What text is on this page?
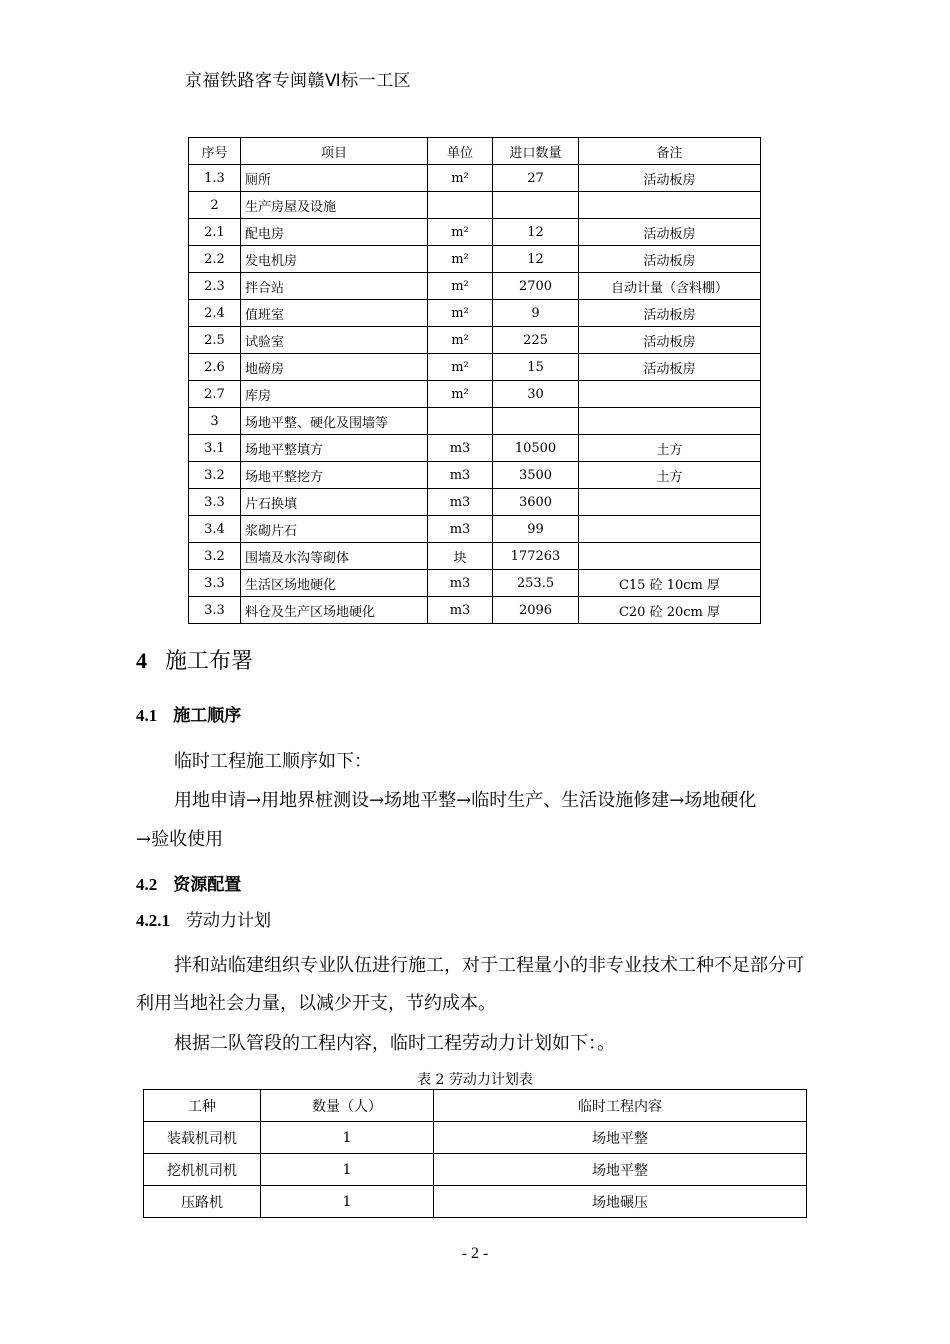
京福铁路客专闽赣Ⅵ标一工区
序号	项目	单位	进口数量	备注
1.3	厕所	m²	27	活动板房
2	生产房屋及设施			
2.1	配电房	m²	12	活动板房
2.2	发电机房	m²	12	活动板房
2.3	拌合站	m²	2700	自动计量（含料棚）
2.4	值班室	m²	9	活动板房
2.5	试验室	m²	225	活动板房
2.6	地磅房	m²	15	活动板房
2.7	库房	m²	30	
3	场地平整、硬化及围墙等			
3.1	场地平整填方	m3	10500	土方
3.2	场地平整挖方	m3	3500	土方
3.3	片石换填	m3	3600	
3.4	浆砌片石	m3	99	
3.2	围墙及水沟等砌体	块	177263	
3.3	生活区场地硬化	m3	253.5	C15 砼 10cm 厚
3.3	料仓及生产区场地硬化	m3	2096	C20 砼 20cm 厚
4 施工布署
4.1 施工顺序
临时工程施工顺序如下：
用地申请→用地界桩测设→场地平整→临时生产、生活设施修建→场地硬化
→验收使用
4.2 资源配置
4.2.1 劳动力计划
拌和站临建组织专业队伍进行施工，对于工程量小的非专业技术工种不足部分可利用当地社会力量，以减少开支，节约成本。
根据二队管段的工程内容，临时工程劳动力计划如下：。
表 2 劳动力计划表
工种	数量（人）	临时工程内容
装载机司机	1	场地平整
挖机机司机	1	场地平整
压路机	1	场地碾压
- 2 -
